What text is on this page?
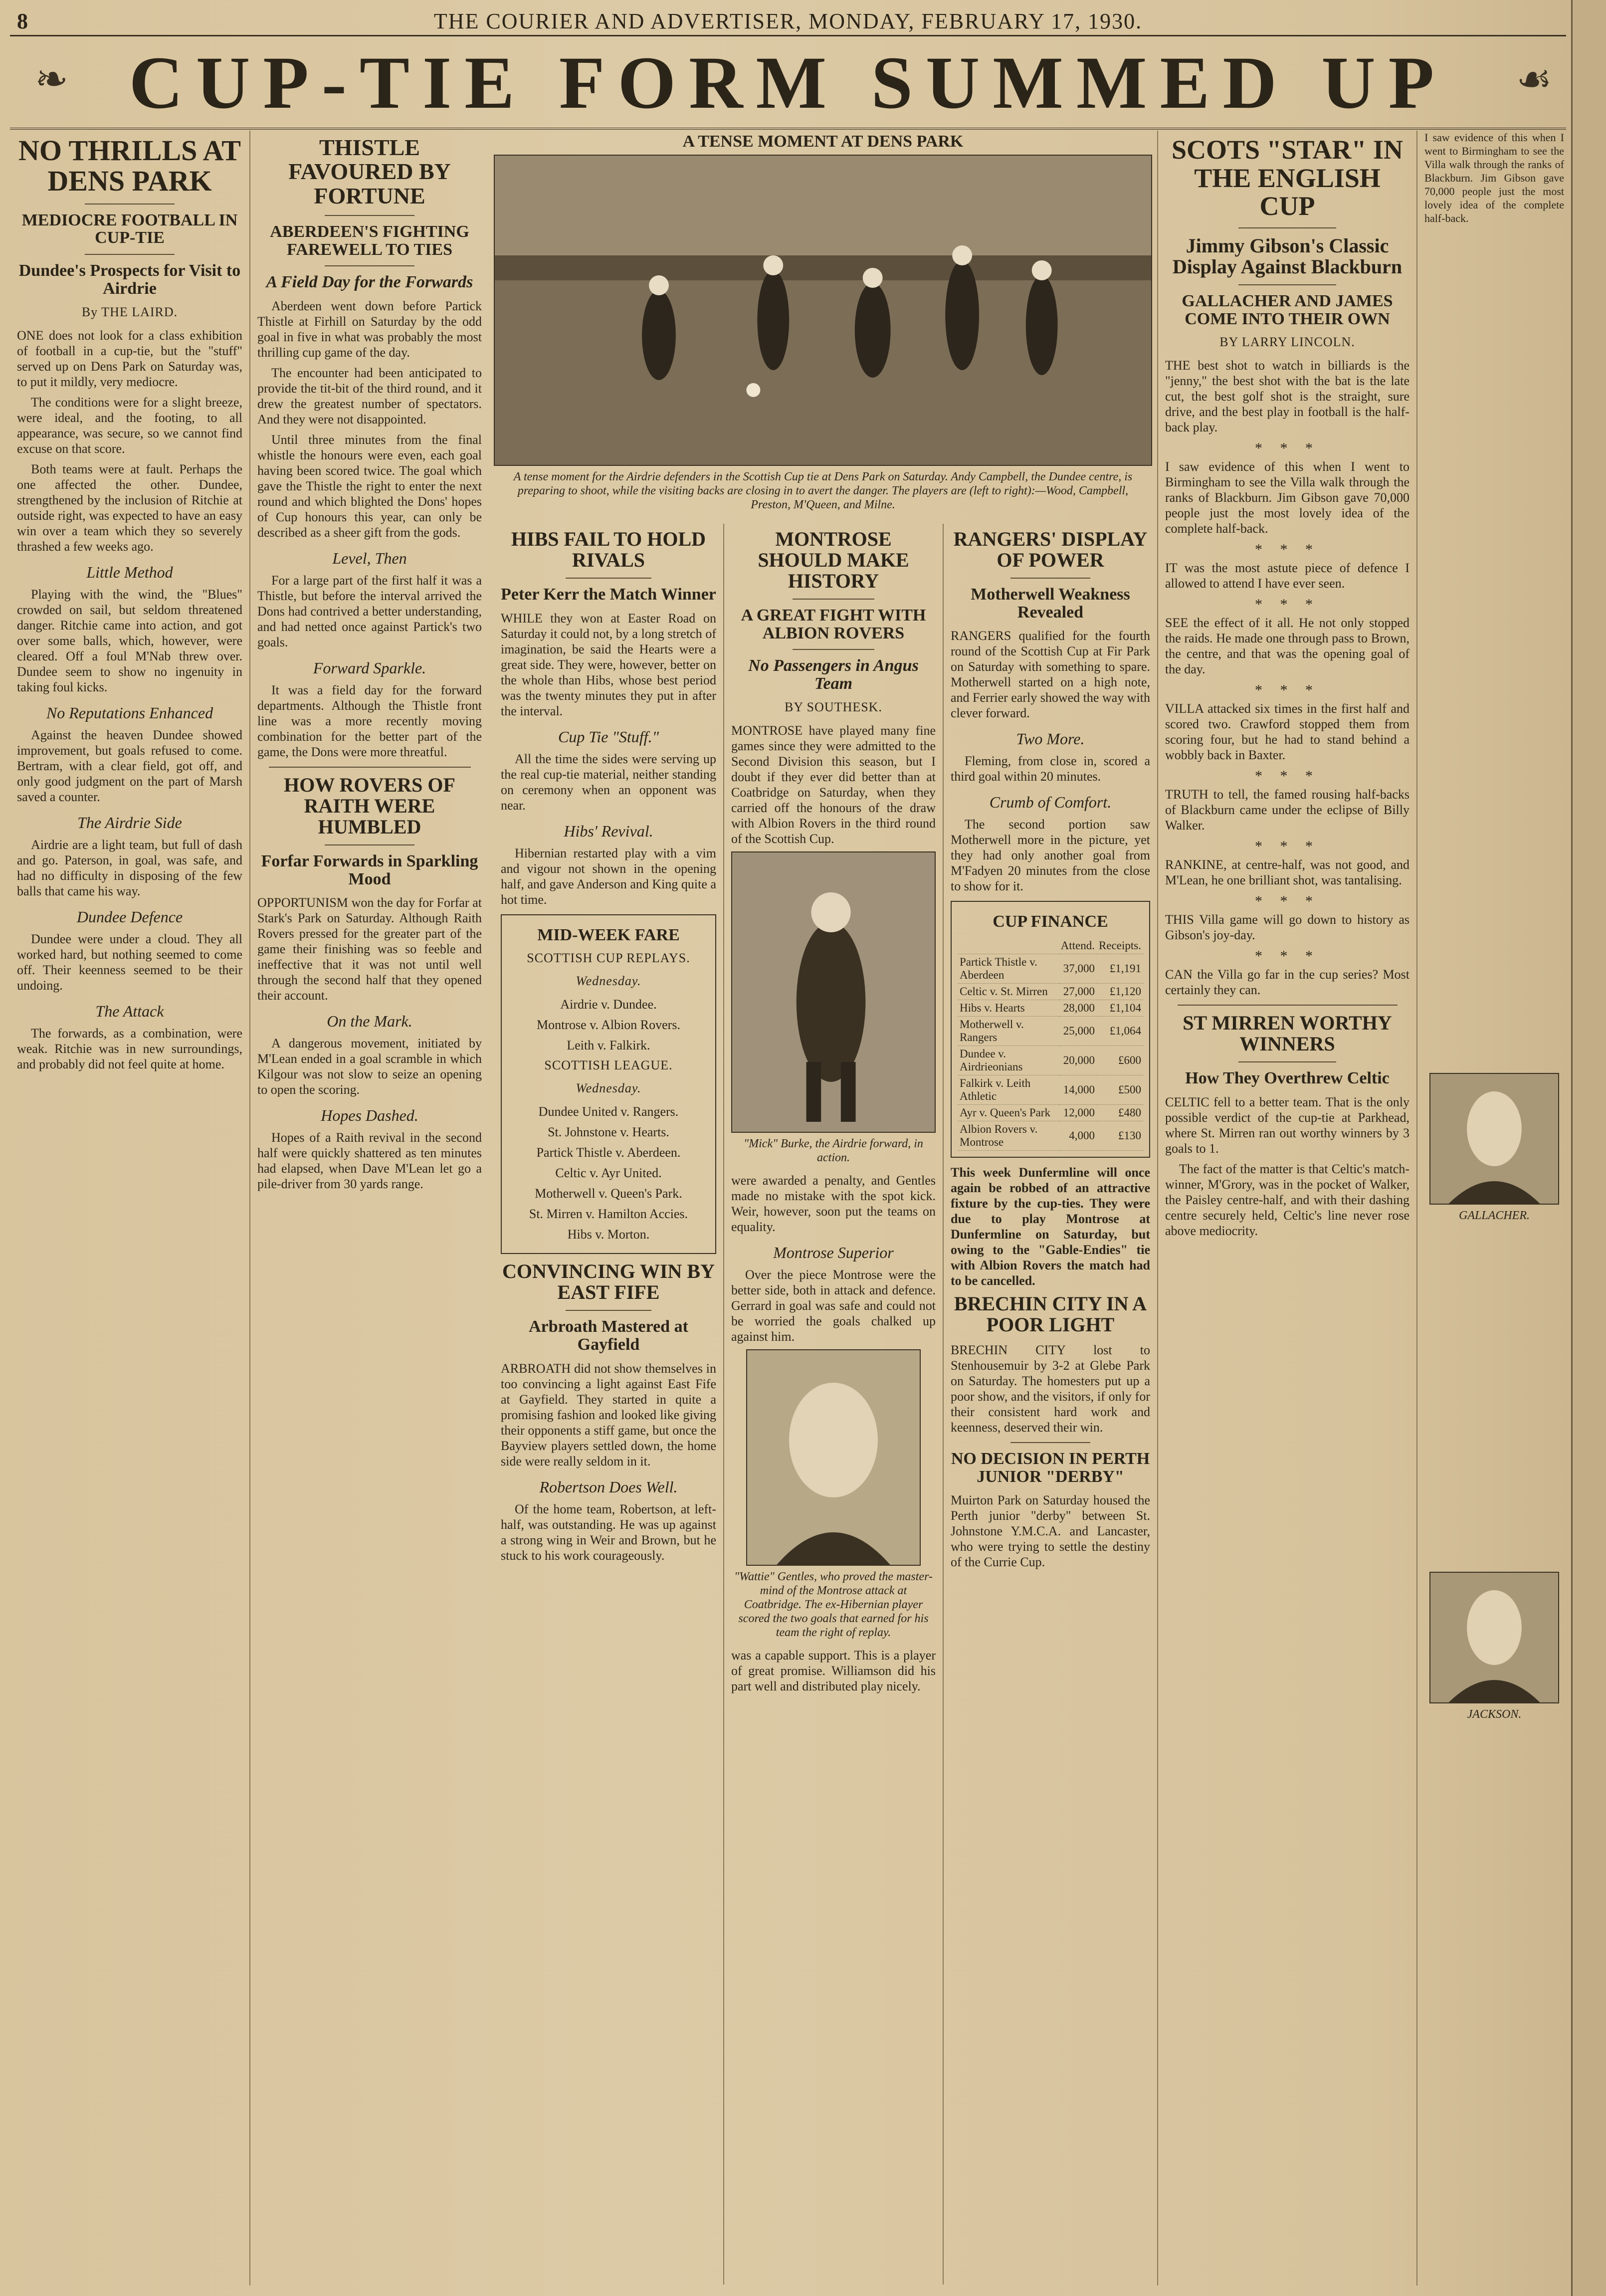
8	THE COURIER AND ADVERTISER, MONDAY, FEBRUARY 17, 1930.
❧	☙
CUP-TIE FORM SUMMED UP
NO THRILLS AT DENS PARK
MEDIOCRE FOOTBALL IN CUP-TIE
Dundee's Prospects for Visit to Airdrie
By THE LAIRD.

ONE does not look for a class exhibition of football in a cup-tie, but the "stuff" served up on Dens Park on Saturday was, to put it mildly, very mediocre.

The conditions were for a slight breeze, were ideal, and the footing, to all appearance, was secure, so we cannot find excuse on that score.

Both teams were at fault. Perhaps the one affected the other. Dundee, strengthened by the inclusion of Ritchie at outside right, was expected to have an easy win over a team which they so severely thrashed a few weeks ago.

Little Method

Playing with the wind, the "Blues" crowded on sail, but seldom threatened danger. Ritchie came into action, and got over some balls, which, however, were cleared. Off a foul M'Nab threw over. Dundee seem to show no ingenuity in taking foul kicks.

No Reputations Enhanced

Against the heaven Dundee showed improvement, but goals refused to come. Bertram, with a clear field, got off, and only good judgment on the part of Marsh saved a counter.

The Airdrie Side

Airdrie are a light team, but full of dash and go. Paterson, in goal, was safe, and had no difficulty in disposing of the few balls that came his way.

Dundee Defence

Dundee were under a cloud. They all worked hard, but nothing seemed to come off. Their keenness seemed to be their undoing.

The Attack

The forwards, as a combination, were weak. Ritchie was in new surroundings, and probably did not feel quite at home.

THISTLE FAVOURED BY FORTUNE
ABERDEEN'S FIGHTING FAREWELL TO TIES
A Field Day for the Forwards

Aberdeen went down before Partick Thistle at Firhill on Saturday by the odd goal in five in what was probably the most thrilling cup game of the day.

The encounter had been anticipated to provide the tit-bit of the third round, and it drew the greatest number of spectators. And they were not disappointed.

Until three minutes from the final whistle the honours were even, each goal having been scored twice. The goal which gave the Thistle the right to enter the next round and which blighted the Dons' hopes of Cup honours this year, can only be described as a sheer gift from the gods.

Level, Then

For a large part of the first half it was a Thistle, but before the interval arrived the Dons had contrived a better understanding, and had netted once against Partick's two goals.

Forward Sparkle.

It was a field day for the forward departments. Although the Thistle front line was a more recently moving combination for the better part of the game, the Dons were more threatful.

HOW ROVERS OF RAITH WERE HUMBLED
Forfar Forwards in Sparkling Mood

OPPORTUNISM won the day for Forfar at Stark's Park on Saturday. Although Raith Rovers pressed for the greater part of the game their finishing was so feeble and ineffective that it was not until well through the second half that they opened their account.

On the Mark.

A dangerous movement, initiated by M'Lean ended in a goal scramble in which Kilgour was not slow to seize an opening to open the scoring.

Hopes Dashed.

Hopes of a Raith revival in the second half were quickly shattered as ten minutes had elapsed, when Dave M'Lean let go a pile-driver from 30 yards range.

A TENSE MOMENT AT DENS PARK

A tense moment for the Airdrie defenders in the Scottish Cup tie at Dens Park on Saturday. Andy Campbell, the Dundee centre, is preparing to shoot, while the visiting backs are closing in to avert the danger. The players are (left to right):—Wood, Campbell, Preston, M'Queen, and Milne.

HIBS FAIL TO HOLD RIVALS
Peter Kerr the Match Winner

WHILE they won at Easter Road on Saturday it could not, by a long stretch of imagination, be said the Hearts were a great side. They were, however, better on the whole than Hibs, whose best period was the twenty minutes they put in after the interval.

Cup Tie "Stuff."

All the time the sides were serving up the real cup-tie material, neither standing on ceremony when an opponent was near.

Hibs' Revival.

Hibernian restarted play with a vim and vigour not shown in the opening half, and gave Anderson and King quite a hot time.

MID-WEEK FARE
SCOTTISH CUP REPLAYS.
Wednesday.
Airdrie v. Dundee.
Montrose v. Albion Rovers.
Leith v. Falkirk.
SCOTTISH LEAGUE.
Wednesday.
Dundee United v. Rangers.
St. Johnstone v. Hearts.
Partick Thistle v. Aberdeen.
Celtic v. Ayr United.
Motherwell v. Queen's Park.
St. Mirren v. Hamilton Accies.
Hibs v. Morton.
CONVINCING WIN BY EAST FIFE
Arbroath Mastered at Gayfield

ARBROATH did not show themselves in too convincing a light against East Fife at Gayfield. They started in quite a promising fashion and looked like giving their opponents a stiff game, but once the Bayview players settled down, the home side were really seldom in it.

Robertson Does Well.

Of the home team, Robertson, at left-half, was outstanding. He was up against a strong wing in Weir and Brown, but he stuck to his work courageously.

MONTROSE SHOULD MAKE HISTORY
A GREAT FIGHT WITH ALBION ROVERS
No Passengers in Angus Team
BY SOUTHESK.

MONTROSE have played many fine games since they were admitted to the Second Division this season, but I doubt if they ever did better than at Coatbridge on Saturday, when they carried off the honours of the draw with Albion Rovers in the third round of the Scottish Cup.

"Mick" Burke, the Airdrie forward, in action.

were awarded a penalty, and Gentles made no mistake with the spot kick. Weir, however, soon put the teams on equality.

Montrose Superior

Over the piece Montrose were the better side, both in attack and defence. Gerrard in goal was safe and could not be worried the goals chalked up against him.

"Wattie" Gentles, who proved the master-mind of the Montrose attack at Coatbridge. The ex-Hibernian player scored the two goals that earned for his team the right of replay.

was a capable support. This is a player of great promise. Williamson did his part well and distributed play nicely.

RANGERS' DISPLAY OF POWER
Motherwell Weakness Revealed

RANGERS qualified for the fourth round of the Scottish Cup at Fir Park on Saturday with something to spare. Motherwell started on a high note, and Ferrier early showed the way with clever forward.

Two More.

Fleming, from close in, scored a third goal within 20 minutes.

Crumb of Comfort.

The second portion saw Motherwell more in the picture, yet they had only another goal from M'Fadyen 20 minutes from the close to show for it.

CUP FINANCE
	Attend.	Receipts.
Partick Thistle v. Aberdeen	37,000	£1,191
Celtic v. St. Mirren	27,000	£1,120
Hibs v. Hearts	28,000	£1,104
Motherwell v. Rangers	25,000	£1,064
Dundee v. Airdrieonians	20,000	£600
Falkirk v. Leith Athletic	14,000	£500
Ayr v. Queen's Park	12,000	£480
Albion Rovers v. Montrose	4,000	£130

This week Dunfermline will once again be robbed of an attractive fixture by the cup-ties. They were due to play Montrose at Dunfermline on Saturday, but owing to the "Gable-Endies" tie with Albion Rovers the match had to be cancelled.

BRECHIN CITY IN A POOR LIGHT

BRECHIN CITY lost to Stenhousemuir by 3-2 at Glebe Park on Saturday. The homesters put up a poor show, and the visitors, if only for their consistent hard work and keenness, deserved their win.

NO DECISION IN PERTH JUNIOR "DERBY"

Muirton Park on Saturday housed the Perth junior "derby" between St. Johnstone Y.M.C.A. and Lancaster, who were trying to settle the destiny of the Currie Cup.

SCOTS "STAR" IN THE ENGLISH CUP
Jimmy Gibson's Classic Display Against Blackburn
GALLACHER AND JAMES COME INTO THEIR OWN
BY LARRY LINCOLN.

THE best shot to watch in billiards is the "jenny," the best shot with the bat is the late cut, the best golf shot is the straight, sure drive, and the best play in football is the half-back play.

* * *

I saw evidence of this when I went to Birmingham to see the Villa walk through the ranks of Blackburn. Jim Gibson gave 70,000 people just the most lovely idea of the complete half-back.

* * *

IT was the most astute piece of defence I allowed to attend I have ever seen.

* * *

SEE the effect of it all. He not only stopped the raids. He made one through pass to Brown, the centre, and that was the opening goal of the day.

* * *

VILLA attacked six times in the first half and scored two. Crawford stopped them from scoring four, but he had to stand behind a wobbly back in Baxter.

* * *

TRUTH to tell, the famed rousing half-backs of Blackburn came under the eclipse of Billy Walker.

* * *

RANKINE, at centre-half, was not good, and M'Lean, he one brilliant shot, was tantalising.

* * *

THIS Villa game will go down to history as Gibson's joy-day.

* * *

CAN the Villa go far in the cup series? Most certainly they can.

ST MIRREN WORTHY WINNERS
How They Overthrew Celtic

CELTIC fell to a better team. That is the only possible verdict of the cup-tie at Parkhead, where St. Mirren ran out worthy winners by 3 goals to 1.

The fact of the matter is that Celtic's match-winner, M'Grory, was in the pocket of Walker, the Paisley centre-half, and with their dashing centre securely held, Celtic's line never rose above mediocrity.

I saw evidence of this when I went to Birmingham to see the Villa walk through the ranks of Blackburn. Jim Gibson gave 70,000 people just the most lovely idea of the complete half-back.

GALLACHER.

JACKSON.
